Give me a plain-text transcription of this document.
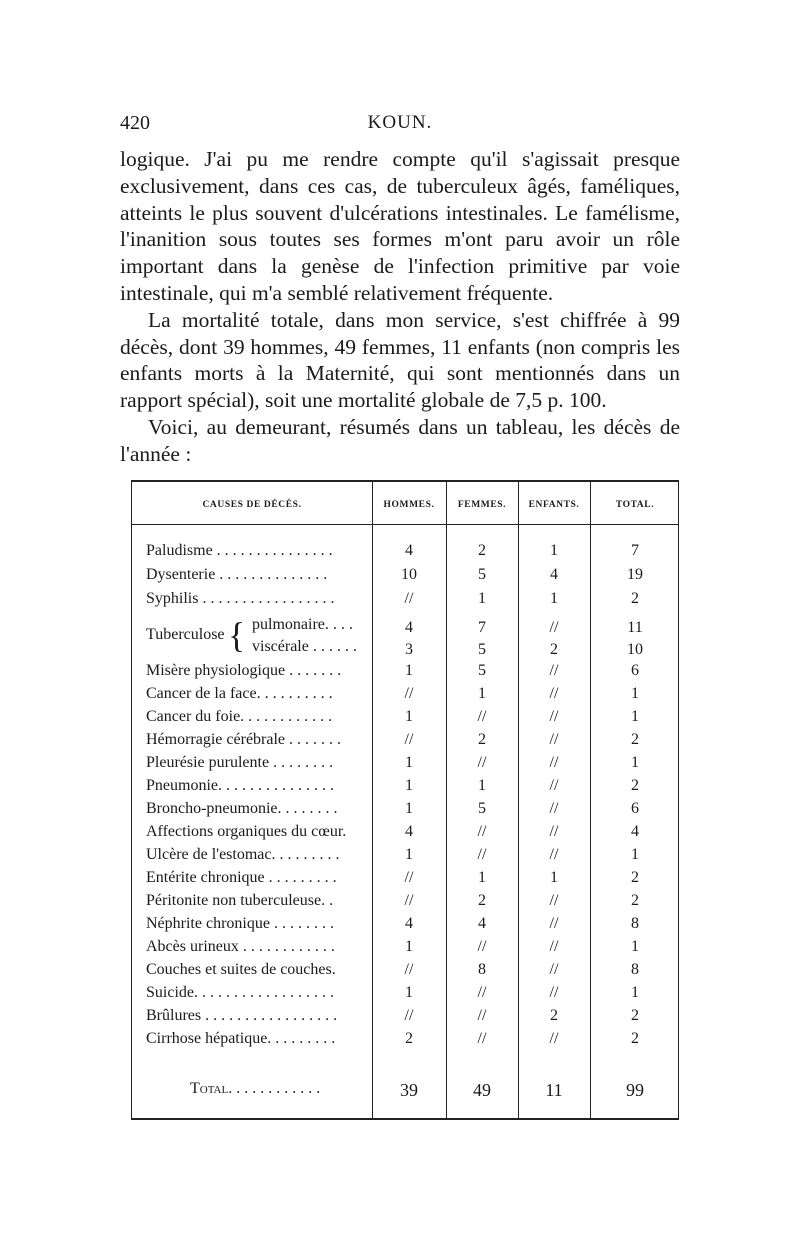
420	KOUN.

logique. J'ai pu me rendre compte qu'il s'agissait presque exclusivement, dans ces cas, de tuberculeux âgés, faméliques, atteints le plus souvent d'ulcérations intestinales. Le famélisme, l'inanition sous toutes ses formes m'ont paru avoir un rôle important dans la genèse de l'infection primitive par voie intestinale, qui m'a semblé relativement fréquente.

La mortalité totale, dans mon service, s'est chiffrée à 99 décès, dont 39 hommes, 49 femmes, 11 enfants (non compris les enfants morts à la Maternité, qui sont mentionnés dans un rapport spécial), soit une mortalité globale de 7,5 p. 100.

Voici, au demeurant, résumés dans un tableau, les décès de l'année :

CAUSES DE DÉCÈS.	HOMMES.	FEMMES.	ENFANTS.	TOTAL.
Paludisme . . . . . . . . . . . . . . .	4	2	1	7
Dysenterie . . . . . . . . . . . . . .	10	5	4	19
Syphilis . . . . . . . . . . . . . . . . .	//	1	1	2
Tuberculose { pulmonaire. . . .	4	7	//	11
viscérale . . . . . .	3	5	2	10
Misère physiologique . . . . . . .	1	5	//	6
Cancer de la face. . . . . . . . . .	//	1	//	1
Cancer du foie. . . . . . . . . . . .	1	//	//	1
Hémorragie cérébrale . . . . . . .	//	2	//	2
Pleurésie purulente . . . . . . . .	1	//	//	1
Pneumonie. . . . . . . . . . . . . . .	1	1	//	2
Broncho-pneumonie. . . . . . . .	1	5	//	6
Affections organiques du cœur.	4	//	//	4
Ulcère de l'estomac. . . . . . . . .	1	//	//	1
Entérite chronique . . . . . . . . .	//	1	1	2
Péritonite non tuberculeuse. .	//	2	//	2
Néphrite chronique . . . . . . . .	4	4	//	8
Abcès urineux . . . . . . . . . . . .	1	//	//	1
Couches et suites de couches.	//	8	//	8
Suicide. . . . . . . . . . . . . . . . . .	1	//	//	1
Brûlures . . . . . . . . . . . . . . . . .	//	//	2	2
Cirrhose hépatique. . . . . . . . .	2	//	//	2
Total. . . . . . . . . . . .	39	49	11	99
